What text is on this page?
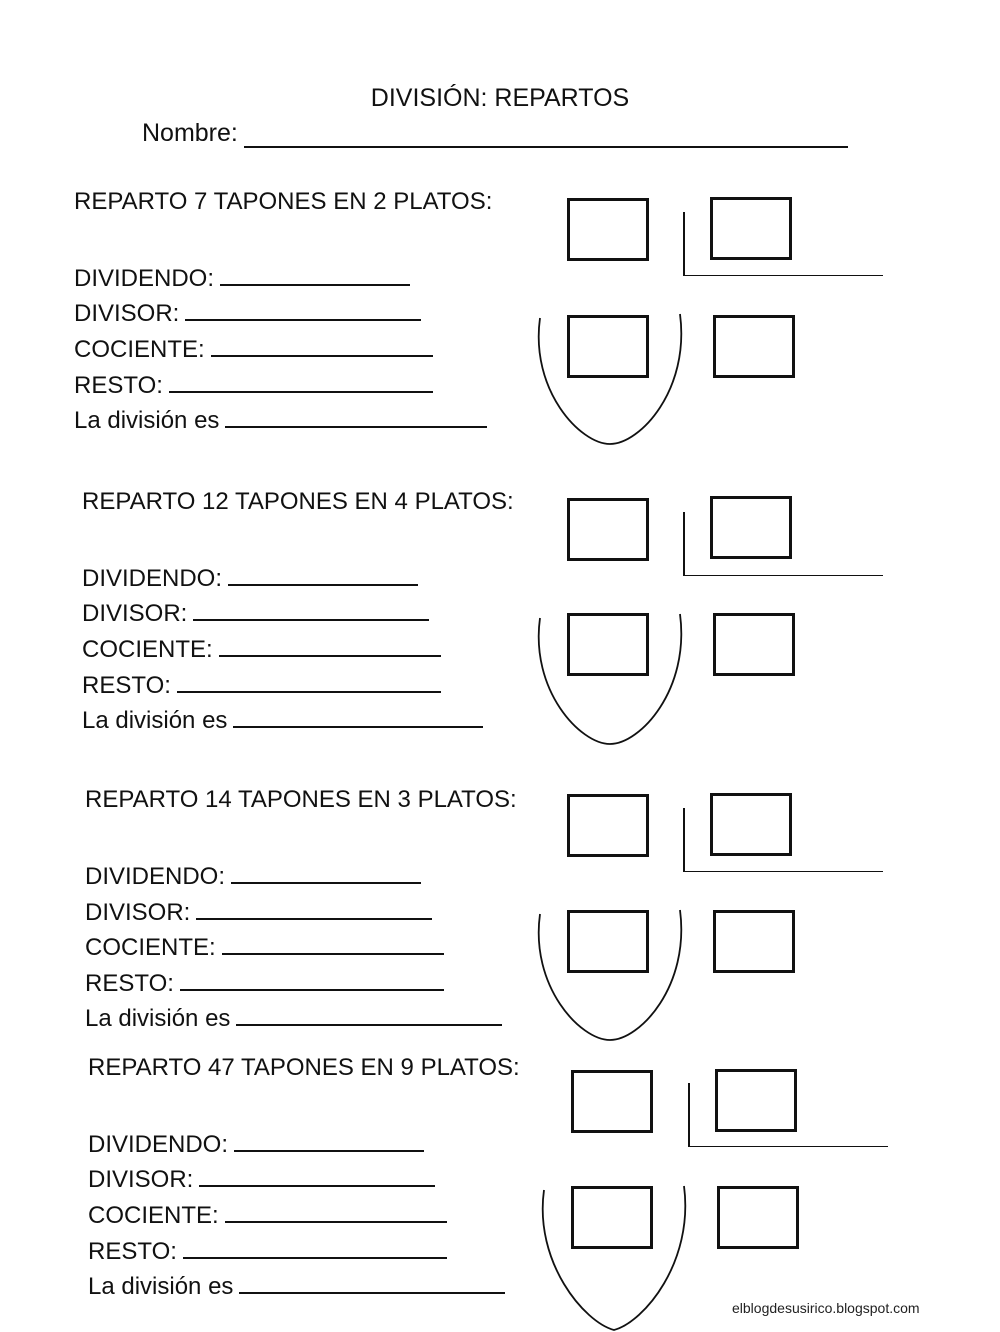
DIVISIÓN: REPARTOS
Nombre:
REPARTO 7 TAPONES EN 2 PLATOS:
DIVIDENDO:
DIVISOR:
COCIENTE:
RESTO:
La división es
REPARTO 12 TAPONES EN 4 PLATOS:
DIVIDENDO:
DIVISOR:
COCIENTE:
RESTO:
La división es
REPARTO 14 TAPONES EN 3 PLATOS:
DIVIDENDO:
DIVISOR:
COCIENTE:
RESTO:
La división es
REPARTO 47 TAPONES EN 9 PLATOS:
DIVIDENDO:
DIVISOR:
COCIENTE:
RESTO:
La división es
elblogdesusirico.blogspot.com
